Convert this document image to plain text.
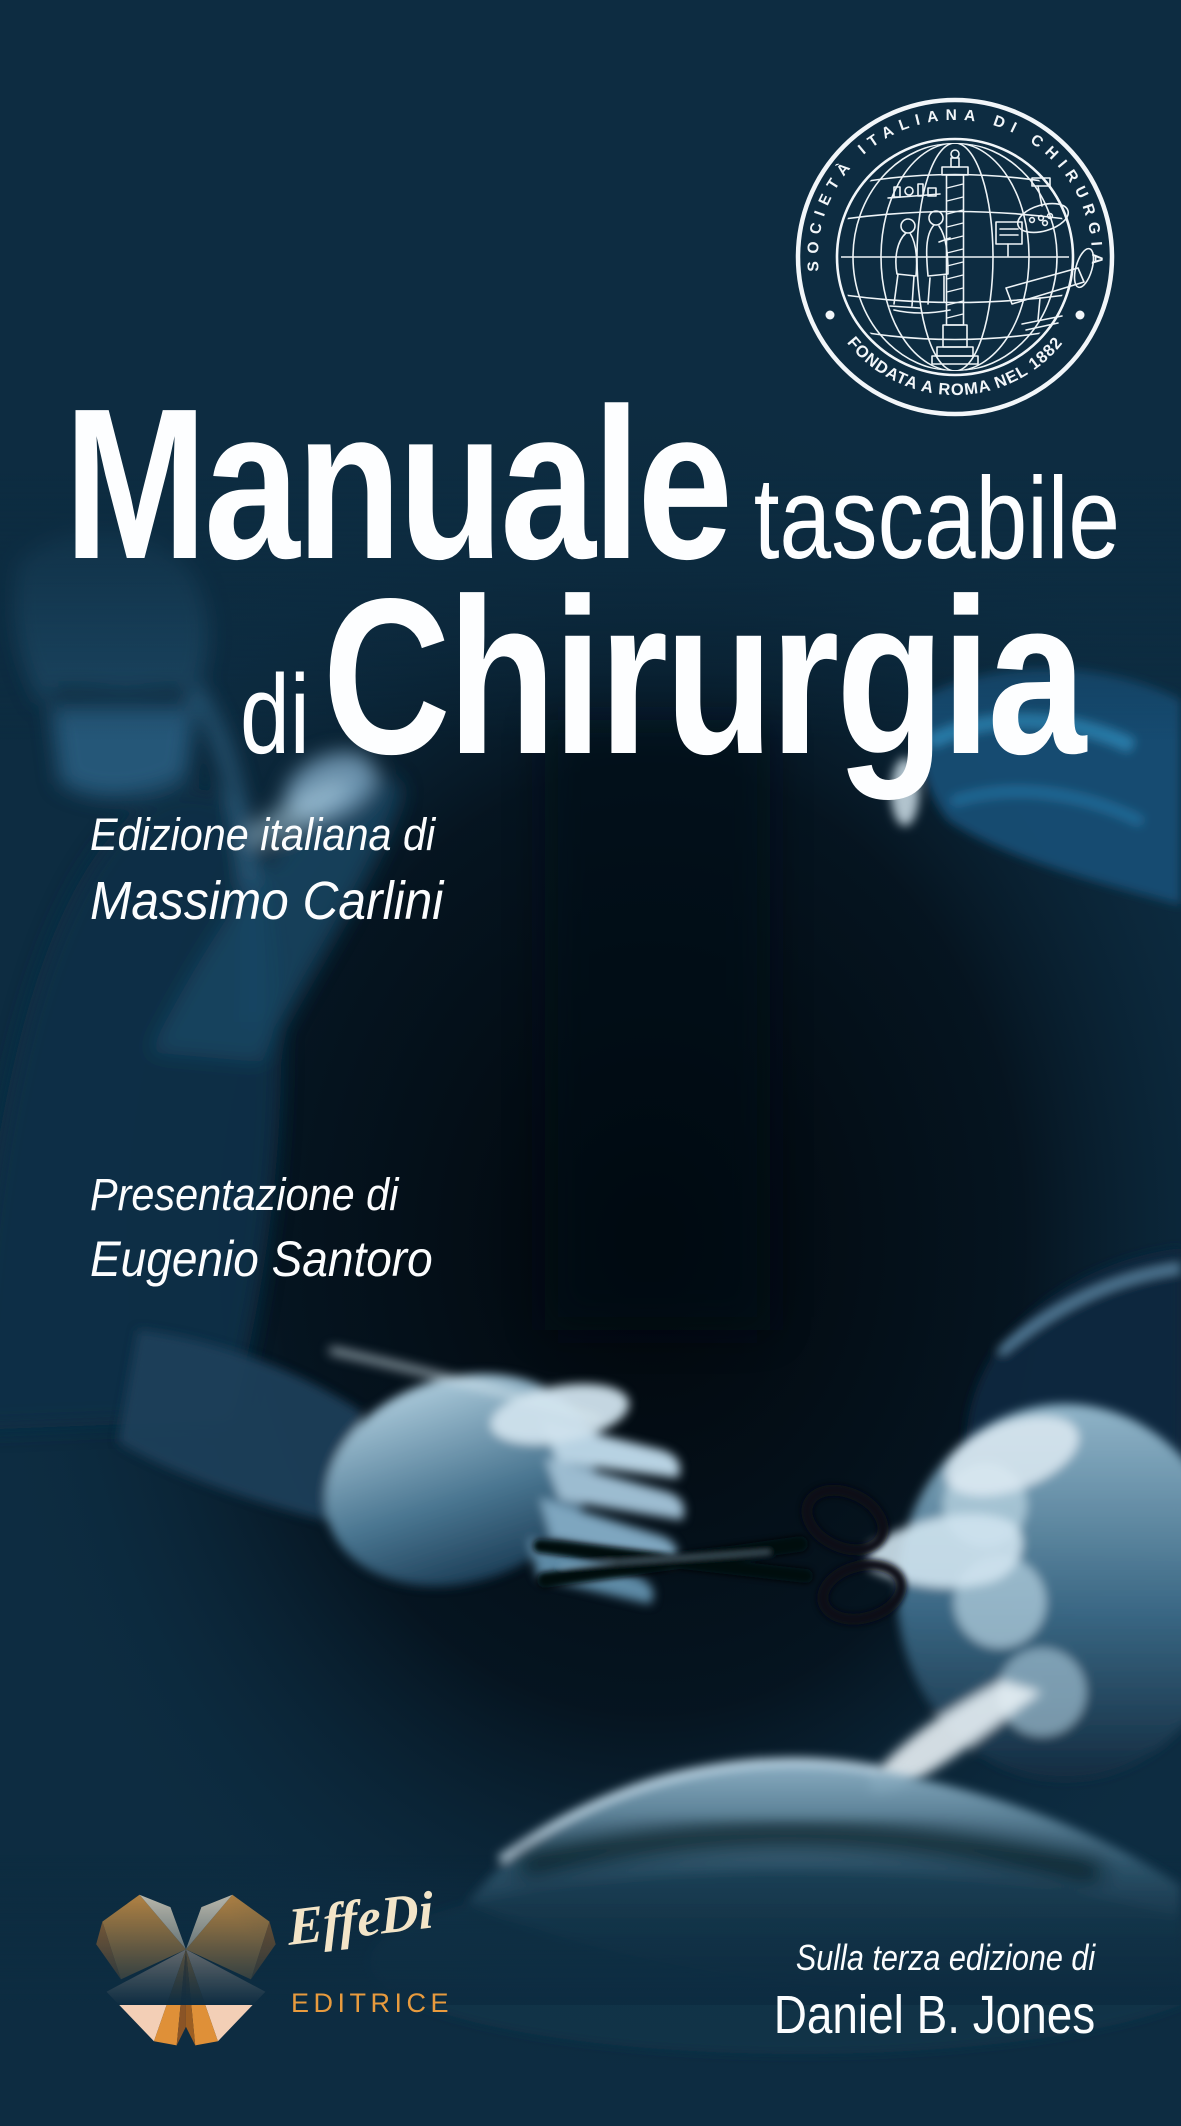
SOCIETÀ ITALIANA DI CHIRURGIA
FONDATA A ROMA NEL 1882
Manuale tascabile
diChirurgia
Edizione italiana di
Massimo Carlini
Presentazione di
Eugenio Santoro
EffeDi
EDITRICE
Sulla terza edizione di
Daniel B. Jones
